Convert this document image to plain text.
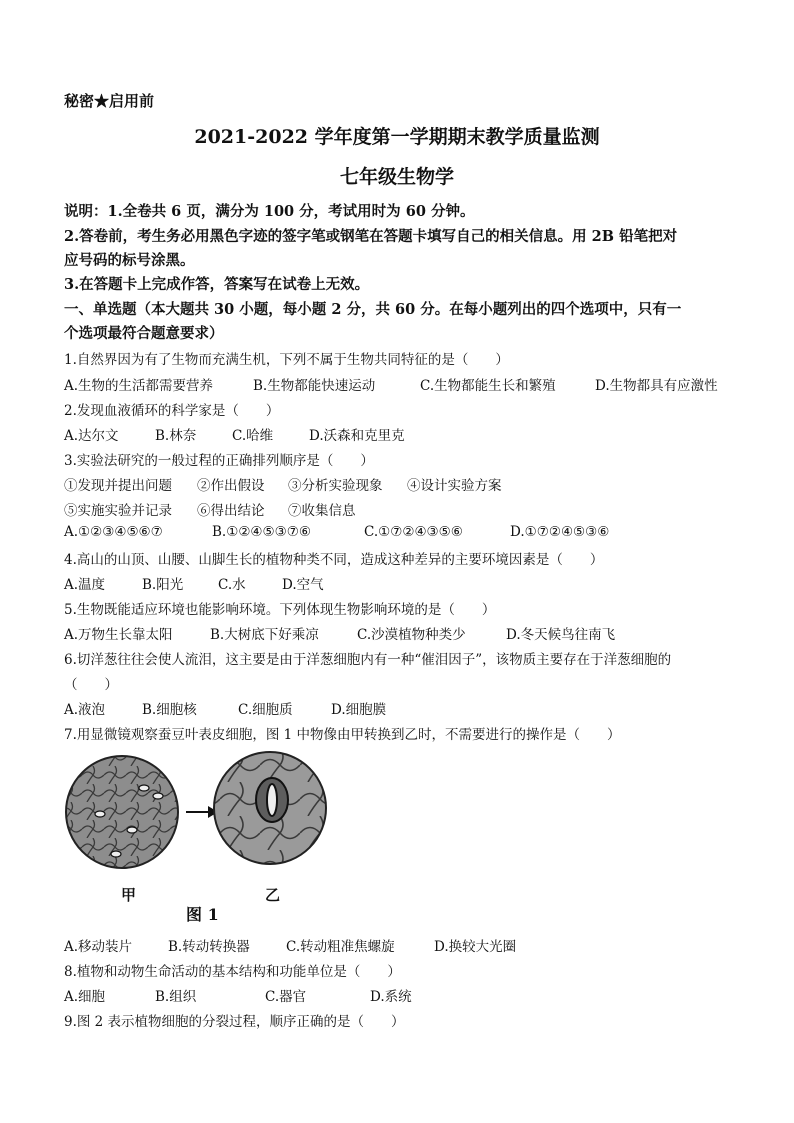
秘密★启用前
2021-2022 学年度第一学期期末教学质量监测
七年级生物学
说明：1.全卷共 6 页，满分为 100 分，考试用时为 60 分钟。
2.答卷前，考生务必用黑色字迹的签字笔或钢笔在答题卡填写自己的相关信息。用 2B 铅笔把对
应号码的标号涂黑。
3.在答题卡上完成作答，答案写在试卷上无效。
一、单选题（本大题共 30 小题，每小题 2 分，共 60 分。在每小题列出的四个选项中，只有一
个选项最符合题意要求）
1.自然界因为有了生物而充满生机，下列不属于生物共同特征的是（　　）
A.生物的生活都需要营养	B.生物都能快速运动	C.生物都能生长和繁殖	D.生物都具有应激性
2.发现血液循环的科学家是（　　）
A.达尔文	B.林奈	C.哈维	D.沃森和克里克
3.实验法研究的一般过程的正确排列顺序是（　　）
①发现并提出问题 ②作出假设 ③分析实验现象 ④设计实验方案
⑤实施实验并记录 ⑥得出结论 ⑦收集信息
A.①②③④⑤⑥⑦	B.①②④⑤③⑦⑥	C.①⑦②④③⑤⑥	D.①⑦②④⑤③⑥
4.高山的山顶、山腰、山脚生长的植物种类不同，造成这种差异的主要环境因素是（　　）
A.温度	B.阳光	C.水	D.空气
5.生物既能适应环境也能影响环境。下列体现生物影响环境的是（　　）
A.万物生长靠太阳	B.大树底下好乘凉	C.沙漠植物种类少	D.冬天候鸟往南飞
6.切洋葱往往会使人流泪，这主要是由于洋葱细胞内有一种“催泪因子”，该物质主要存在于洋葱细胞的
（　　）
A.液泡	B.细胞核	C.细胞质	D.细胞膜
7.用显微镜观察蚕豆叶表皮细胞，图 1 中物像由甲转换到乙时，不需要进行的操作是（　　）
甲	乙
图 1
A.移动装片	B.转动转换器	C.转动粗准焦螺旋	D.换较大光圈
8.植物和动物生命活动的基本结构和功能单位是（　　）
A.细胞	B.组织	C.器官	D.系统
9.图 2 表示植物细胞的分裂过程，顺序正确的是（　　）
